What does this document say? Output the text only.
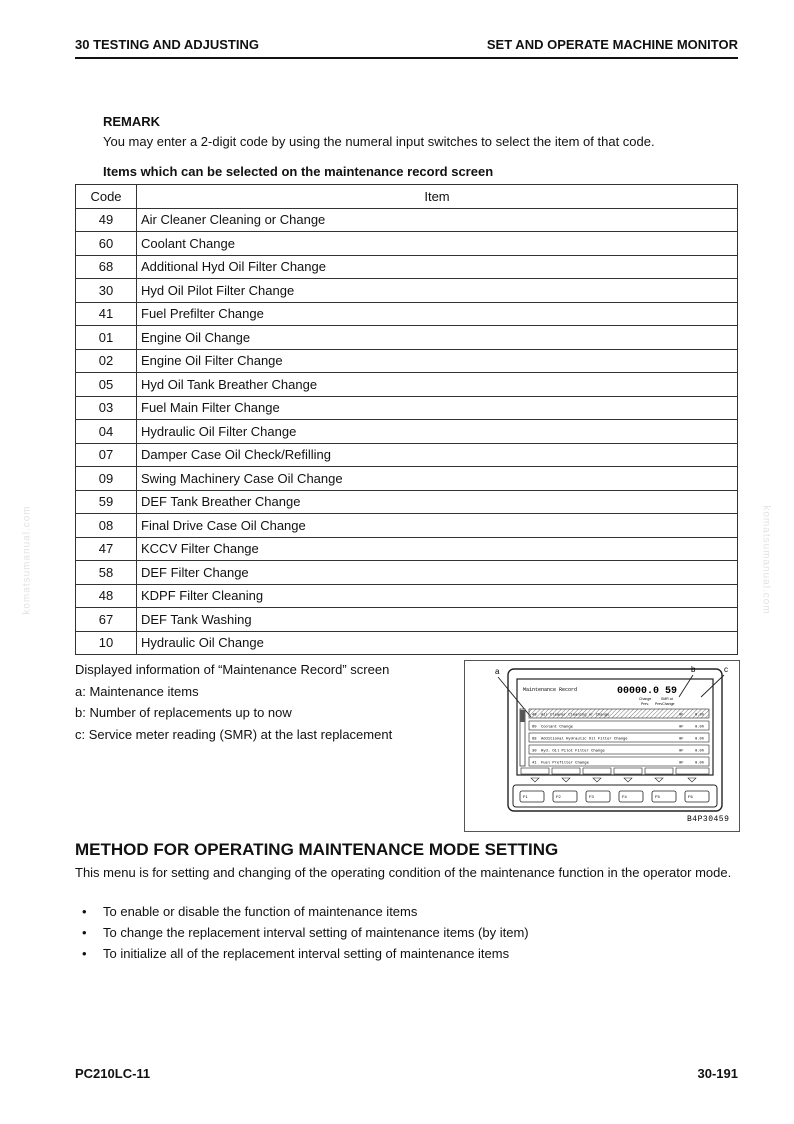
30 TESTING AND ADJUSTING	SET AND OPERATE MACHINE MONITOR
REMARK
You may enter a 2-digit code by using the numeral input switches to select the item of that code.
Items which can be selected on the maintenance record screen
Code	Item
49	Air Cleaner Cleaning or Change
60	Coolant Change
68	Additional Hyd Oil Filter Change
30	Hyd Oil Pilot Filter Change
41	Fuel Prefilter Change
01	Engine Oil Change
02	Engine Oil Filter Change
05	Hyd Oil Tank Breather Change
03	Fuel Main Filter Change
04	Hydraulic Oil Filter Change
07	Damper Case Oil Check/Refilling
09	Swing Machinery Case Oil Change
59	DEF Tank Breather Change
08	Final Drive Case Oil Change
47	KCCV Filter Change
58	DEF Filter Change
48	KDPF Filter Cleaning
67	DEF Tank Washing
10	Hydraulic Oil Change
Displayed information of “Maintenance Record” screen
a: Maintenance items
b: Number of replacements up to now
c: Service meter reading (SMR) at the last replacement
a	b	c
Maintenance Record	00000.0 59
Change	SMR at
Prev. PrevChange
49 Air Cleaner Cleaning or Change	0F	0.0h
60 Coolant Change	0F	0.0h
68 Additional Hydraulic Oil Filter Change	0F	0.0h
30 Hyd. Oil Pilot Filter Change	0F	0.0h
41 Fuel Prefilter Change	0F	0.0h
F1	F2	F3	F4	F5	F6
B4P30459
METHOD FOR OPERATING MAINTENANCE MODE SETTING
This menu is for setting and changing of the operating condition of the maintenance function in the operator mode.
• To enable or disable the function of maintenance items
• To change the replacement interval setting of maintenance items (by item)
• To initialize all of the replacement interval setting of maintenance items
komatsumanual.com	komatsumanual.com
PC210LC-11	30-191
